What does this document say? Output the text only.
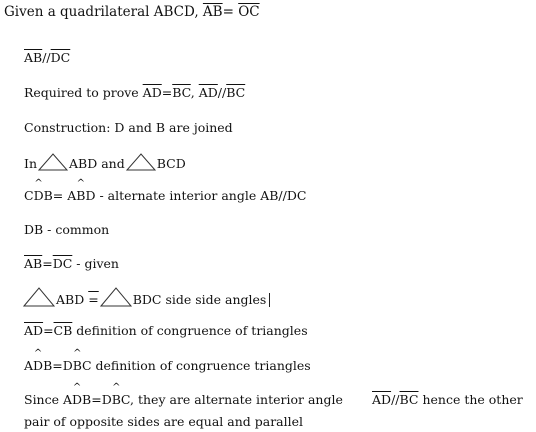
Given a quadrilateral ABCD, $\overline{AB}= \overline{OC}$
$\overline{AB}//\overline{DC}$
Required to prove $\overline{AD}=\overline{BC}$, $\overline{AD}//\overline{BC}$
Construction: D and B are joined
In	ABD and	BCD
C^ DB= A^ BD - alternate interior angle AB//DC
DB - common
$\overline{AB}=\overline{DC}$ - given
ABD =	BDC side side angles
$\overline{AD}=\overline{CB}$ definition of congruence of triangles
A^ DB=D^ BC definition of congruence triangles
Since A^ DB=D^ BC, they are alternate interior angle $\overline{AD}//\overline{BC}$ hence the other
pair of opposite sides are equal and parallel
